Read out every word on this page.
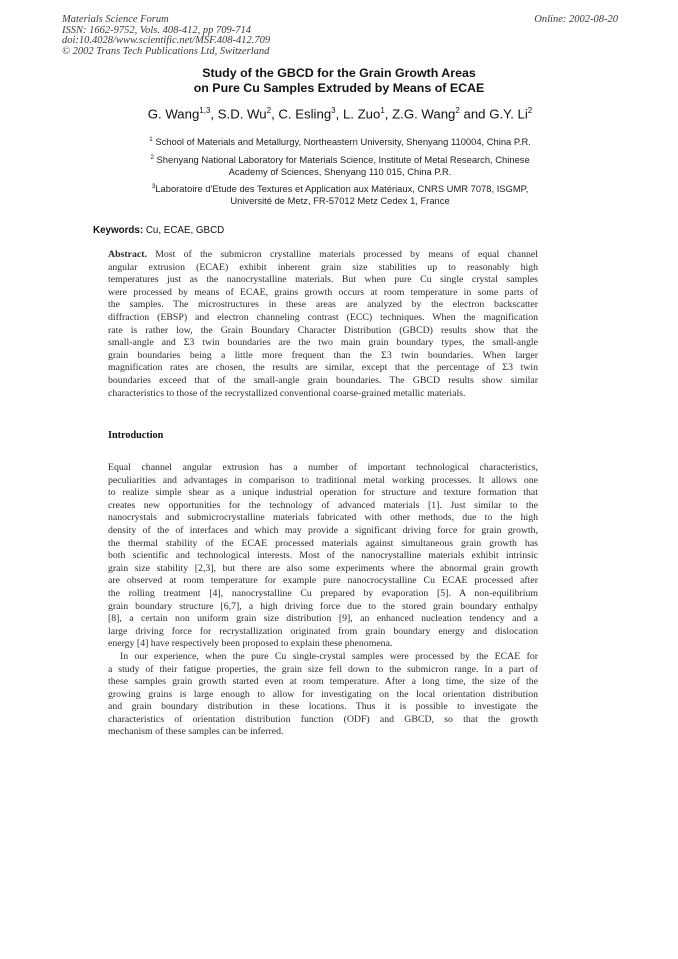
Materials Science Forum
ISSN: 1662-9752, Vols. 408-412, pp 709-714
doi:10.4028/www.scientific.net/MSF.408-412.709
© 2002 Trans Tech Publications Ltd, Switzerland
Online: 2002-08-20
Study of the GBCD for the Grain Growth Areas
on Pure Cu Samples Extruded by Means of ECAE
G. Wang$^{1,3}$, S.D. Wu$^2$, C. Esling$^3$, L. Zuo$^1$, Z.G. Wang$^2$ and G.Y. Li$^2$
$^1$ School of Materials and Metallurgy, Northeastern University, Shenyang 110004, China P.R.
$^2$ Shenyang National Laboratory for Materials Science, Institute of Metal Research, Chinese
Academy of Sciences, Shenyang 110 015, China P.R.
$^3$Laboratoire d'Etude des Textures et Application aux Matériaux, CNRS UMR 7078, ISGMP,
Université de Metz, FR-57012 Metz Cedex 1, France
Keywords: Cu, ECAE, GBCD
Abstract. Most of the submicron crystalline materials processed by means of equal channel
angular extrusion (ECAE) exhibit inherent grain size stabilities up to reasonably high
temperatures just as the nanocrystalline materials. But when pure Cu single crystal samples
were processed by means of ECAE, grains growth occurs at room temperature in some parts of
the samples. The microstructures in these areas are analyzed by the electron backscatter
diffraction (EBSP) and electron channeling contrast (ECC) techniques. When the magnification
rate is rather low, the Grain Boundary Character Distribution (GBCD) results show that the
small-angle and Σ3 twin boundaries are the two main grain boundary types, the small-angle
grain boundaries being a little more frequent than the Σ3 twin boundaries. When larger
magnification rates are chosen, the results are similar, except that the percentage of Σ3 twin
boundaries exceed that of the small-angle grain boundaries. The GBCD results show similar
characteristics to those of the recrystallized conventional coarse-grained metallic materials.
Introduction
Equal channel angular extrusion has a number of important technological characteristics,
peculiarities and advantages in comparison to traditional metal working processes. It allows one
to realize simple shear as a unique industrial operation for structure and texture formation that
creates new opportunities for the technology of advanced materials [1]. Just similar to the
nanocrystals and submicrocrystalline materials fabricated with other methods, due to the high
density of the of interfaces and which may provide a significant driving force for grain growth,
the thermal stability of the ECAE processed materials against simultaneous grain growth has
both scientific and technological interests. Most of the nanocrystalline materials exhibit intrinsic
grain size stability [2,3], but there are also some experiments where the abnormal grain growth
are observed at room temperature for example pure nanocrocystalline Cu ECAE processed after
the rolling treatment [4], nanocrystalline Cu prepared by evaporation [5]. A non-equilibrium
grain boundary structure [6,7], a high driving force due to the stored grain boundary enthalpy
[8], a certain non uniform grain size distribution [9], an enhanced nucleation tendency and a
large driving force for recrystallization originated from grain boundary energy and dislocation
energy [4] have respectively been proposed to explain these phenomena.
In our experience, when the pure Cu single-crystal samples were processed by the ECAE for
a study of their fatigue properties, the grain size fell down to the submicron range. In a part of
these samples grain growth started even at room temperature. After a long time, the size of the
growing grains is large enough to allow for investigating on the local orientation distribution
and grain boundary distribution in these locations. Thus it is possible to investigate the
characteristics of orientation distribution function (ODF) and GBCD, so that the growth
mechanism of these samples can be inferred.
